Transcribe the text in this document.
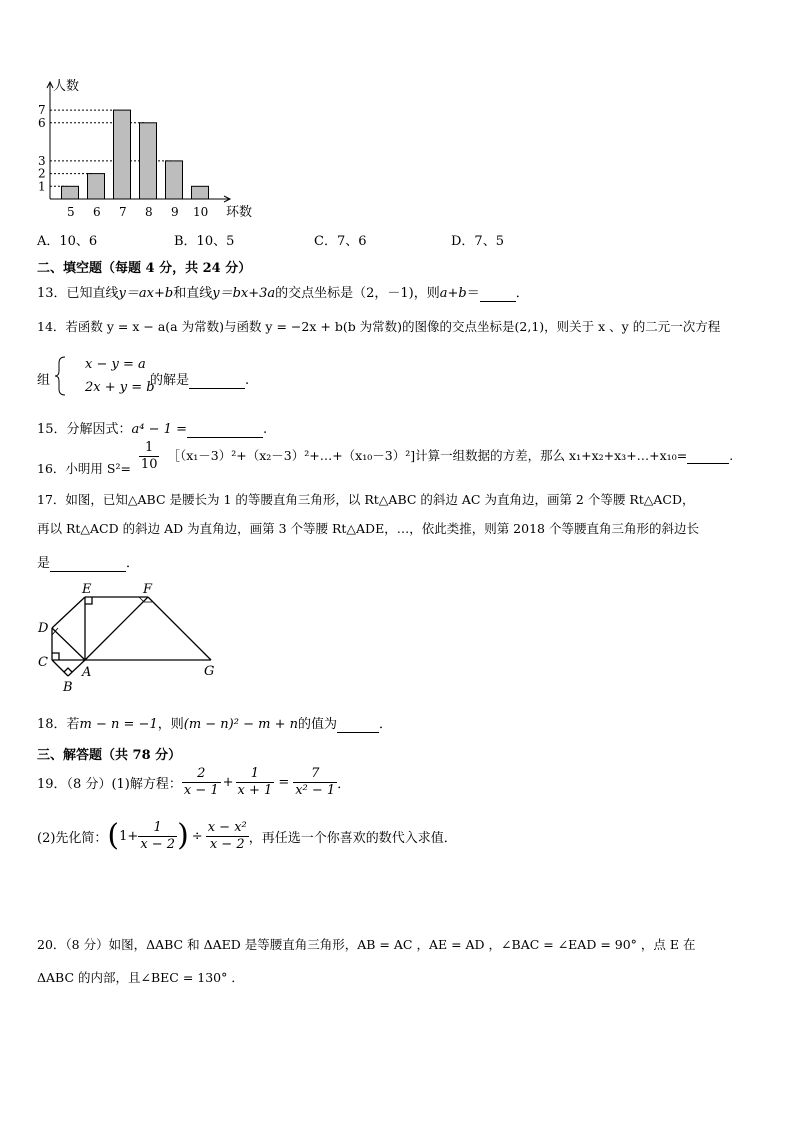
7
6
3
2
1
5 6 7 8 9 10
人数
环数
A．10、6	B．10、5	C．7、6	D．7、5
二、填空题（每题 4 分，共 24 分）
13．已知直线y＝ax+b和直线y＝bx+3a的交点坐标是（2，－1)，则a+b＝	．
14．若函数 y = x − a(a 为常数)与函数 y = −2x + b(b 为常数)的图像的交点坐标是(2,1)，则关于 x 、y 的二元一次方程
组
x − y = a
2x + y = b
的解是	.
15．分解因式：a⁴ − 1 =	.
16．小明用 $S^2= \frac{1}{10}$ ［（x₁－3）²+（x₂－3）²+…+（x₁₀－3）²]计算一组数据的方差，那么 x₁+x₂+x₃+…+x₁₀=	.
17．如图，已知△ABC 是腰长为 1 的等腰直角三角形，以 Rt△ABC 的斜边 AC 为直角边，画第 2 个等腰 Rt△ACD，
再以 Rt△ACD 的斜边 AD 为直角边，画第 3 个等腰 Rt△ADE，…，依此类推，则第 2018 个等腰直角三角形的斜边长
是	．
E	F
D
C
A
B
G
18．若m − n = −1，则(m − n)² − m + n的值为	．
三、解答题（共 78 分）
19．（8 分） (1)解方程： $\frac{2}{x - 1} + \frac{1}{x + 1} = \frac{7}{\text{x² − 1}}$ ．
(2)先化简： ( $1+ \frac{1}{x - 2}$ ) ÷ $\frac{\text{x − x²}}{x - 2}$ ，再任选一个你喜欢的数代入求值．
20．（8 分）如图，ΔABC 和 ΔAED 是等腰直角三角形，AB = AC ，AE = AD ，∠BAC = ∠EAD = 90° ，点 E 在
ΔABC 的内部，且∠BEC = 130° ．
